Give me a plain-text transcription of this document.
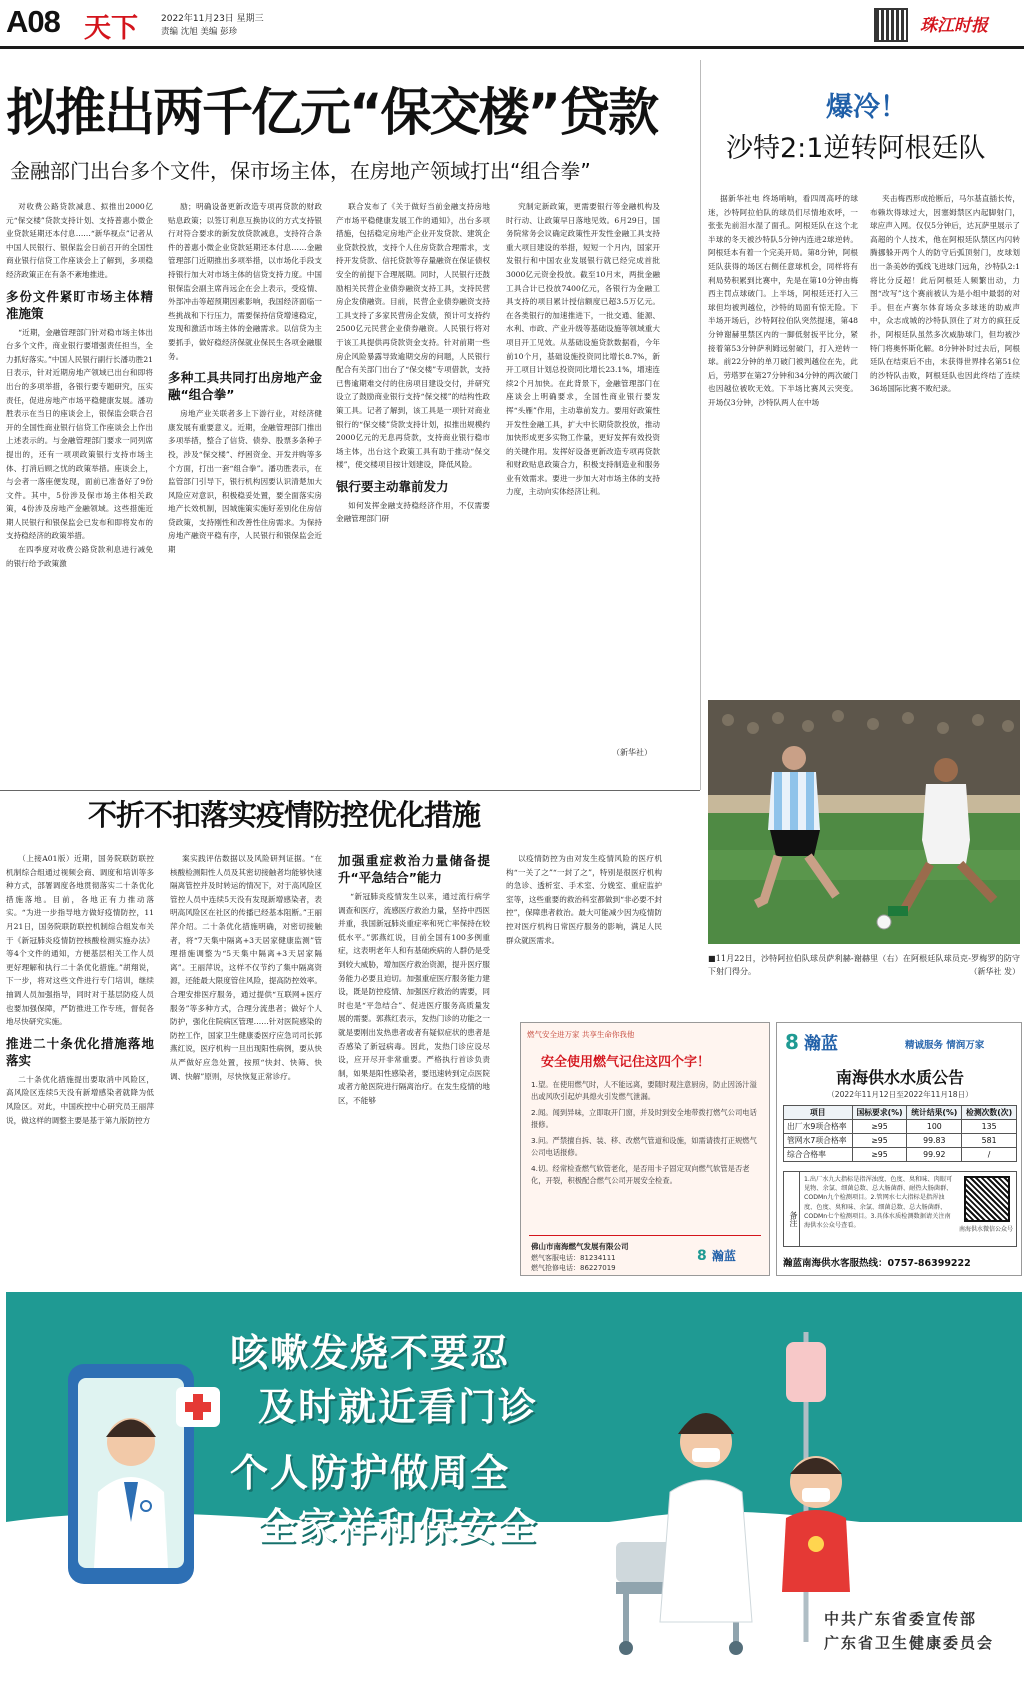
A08 天下	2022年11月23日 星期三
责编 沈旭 美编 彭珍	珠江时报
拟推出两千亿元“保交楼”贷款
金融部门出台多个文件，保市场主体，在房地产领域打出“组合拳”

对收费公路贷款减息、拟推出2000亿元“保交楼”贷款支持计划、支持普惠小微企业贷款延期还本付息……“新华视点”记者从中国人民银行、银保监会日前召开的全国性商业银行信贷工作座谈会上了解到，多项稳经济政策正在有条不紊地推进。

多份文件紧盯市场主体精准施策

“近期，金融管理部门针对稳市场主体出台多个文件，商业银行要增强责任担当，全力抓好落实。”中国人民银行副行长潘功胜21日表示，针对近期房地产领域已出台和即将出台的多项举措，各银行要专题研究，压实责任，促进房地产市场平稳健康发展。潘功胜表示在当日的座谈会上，银保监会联合召开的全国性商业银行信贷工作座谈会上作出上述表示的。与金融管理部门要求一同列席提出的，还有一项项政策银行支持市场主体、打消后顾之忧的政策举措。座谈会上，与会者一落座便发现，面前已准备好了9份文件。其中，5份涉及保市场主体相关政策，4份涉及房地产金融领域。这些措施近期人民银行和银保监会已发布和即将发布的支持稳经济的政策举措。

在四季度对收费公路贷款利息进行减免的银行给予政策激

励；明确设备更新改造专项再贷款的财政贴息政策；以签订利息互换协议的方式支持银行对符合要求的新发放贷款减息，支持符合条件的普惠小微企业贷款延期还本付息……金融管理部门近期推出多项举措，以市场化手段支持银行加大对市场主体的信贷支持力度。中国银保监会副主席肖远企在会上表示，受疫情、外部冲击等超预期因素影响，我国经济面临一些挑战和下行压力，需要保持信贷增速稳定，发现和激活市场主体的金融需求。以信贷为主要抓手，做好稳经济保就业保民生各项金融服务。

多种工具共同打出房地产金融“组合拳”

房地产业关联者多上下游行业，对经济健康发展有重要意义。近期，金融管理部门推出多项举措，整合了信贷、债券、股票多条种子投，涉及“保交楼”、纾困资金、开发并购等多个方面，打出一套“组合拳”。潘功胜表示，在监管部门引导下，银行机构因要认识清楚加大风险应对意识，积极稳妥处置，要全面落实房地产长效机制，因城施策实施好差别化住房信贷政策，支持刚性和改善性住房需求。为保持房地产融资平稳有序，人民银行和银保监会近期

联合发布了《关于做好当前金融支持房地产市场平稳健康发展工作的通知》，出台多项措施，包括稳定房地产企业开发贷款、建筑企业贷款投放，支持个人住房贷款合理需求，支持开发贷款、信托贷款等存量融资在保证债权安全的前提下合理展期。同时，人民银行还鼓励相关民营企业债券融资支持工具，支持民营房企发债融资。目前，民营企业债券融资支持工具支持了多家民营房企发债，预计可支持约2500亿元民营企业债券融资。人民银行将对于该工具提供再贷款资金支持。针对前期一些房企风险暴露导致逾期交房的问题，人民银行配合有关部门出台了“保交楼”专项借款，支持已售逾期难交付的住房项目建设交付，并研究设立了鼓励商业银行支持“保交楼”的结构性政策工具。记者了解到，该工具是一项针对商业银行的“保交楼”贷款支持计划，拟推出规模约2000亿元的无息再贷款，支持商业银行稳市场主体，出台这个政策工具有助于推动“保交楼”，使交楼项目按计划建设，降低风险。

银行要主动靠前发力

如何发挥金融支持稳经济作用，不仅需要金融管理部门研

究制定新政策，更需要银行等金融机构及时行动、让政策早日落地见效。6月29日，国务院常务会议确定政策性开发性金融工具支持重大项目建设的举措，短短一个月内，国家开发银行和中国农业发展银行就已经完成首批3000亿元资金投放。截至10月末，两批金融工具合计已投放7400亿元，各银行为金融工具支持的项目累计授信额度已超3.5万亿元。在各类银行的加速推进下，一批交通、能源、水利、市政、产业升级等基础设施等领域重大项目开工见效。从基础设施贷款数据看，今年前10个月，基础设施投资同比增长8.7%，新开工项目计划总投资同比增长23.1%，增速连续2个月加快。在此背景下，金融管理部门在座谈会上明确要求，全国性商业银行要发挥“头雁”作用，主动靠前发力。要用好政策性开发性金融工具，扩大中长期贷款投放，推动加快形成更多实物工作量，更好发挥有效投资的关键作用。发挥好设备更新改造专项再贷款和财政贴息政策合力，积极支持制造业和服务业有效需求。要进一步加大对市场主体的支持力度，主动向实体经济让利。

（新华社）
爆冷！
沙特2:1逆转阿根廷队

据新华社电 终场哨响，看四周高呼的球迷，沙特阿拉伯队的球员们尽情地欢呼，一张张先前泪水湿了面孔。阿根廷队在这个北半球的冬天被沙特队5分钟内连进2球逆转。阿根廷本有着一个完美开局。第8分钟，阿根廷队获得的场区右侧任意球机会，同样将有利局势积累到比赛中，先是在第10分钟由梅西主罚点球破门。上半场，阿根廷还打入三球但均被判越位，沙特的局面有惊无险。下半场开场后，沙特阿拉伯队突然提速，第48分钟谢赫里禁区内的一脚低射扳平比分，紧接着第53分钟萨利姆远射破门，打入逆转一球。前22分钟的单刀破门被判越位在先，此后，劳塔罗在第27分钟和34分钟的两次破门也因越位被吹无效。下半场比赛风云突变。开场仅3分钟，沙特队两人在中场

夹击梅西形成抢断后，马尔基直插长传，布赖坎得球过大，因塞姆禁区内起脚射门，球应声入网。仅仅5分钟后，达瓦萨里展示了高超的个人技术，他在阿根廷队禁区内闪转腾挪躲开两个人的防守后弧顶射门，皮球划出一条美妙的弧线飞进球门远角，沙特队2:1将比分反超！此后阿根廷人频繁出动，力图“改写”这个赛前被认为是小组中最弱的对手。但在卢赛尔体育场众多球迷的助威声中，众志成城的沙特队顶住了对方的疯狂反扑，阿根廷队虽然多次威胁球门，但均被沙特门将奥怀斯化解。8分钟补时过去后，阿根廷队在结束后不由，未获得世界排名第51位的沙特队击败，阿根廷队也因此终结了连续36场国际比赛不败纪录。

■11月22日，沙特阿拉伯队球员萨利赫-谢赫里（右）在阿根廷队球员克-罗梅罗的防守下射门得分。	（新华社 发）
不折不扣落实疫情防控优化措施

（上接A01版）近期，国务院联防联控机制综合组通过视频会商、调度和培训等多种方式，部署调度各地贯彻落实二十条优化措施落地。目前，各地正有力推动落实。“为进一步指导地方做好疫情防控，11月21日，国务院联防联控机制综合组发布关于《新冠肺炎疫情防控核酸检测实施办法》等4个文件的通知，方便基层相关工作人员更好理解和执行二十条优化措施。”胡翔说，下一步，将对这些文件进行专门培训，继续抽调人员加强指导，同时对于基层防疫人员也要加强保障，严防推进工作专班，督促各地尽快研究实施。

推进二十条优化措施落地落实

二十条优化措施提出要取消中风险区，高风险区连续5天没有新增感染者就降为低风险区。对此，中国疾控中心研究员王丽萍说，做这样的调整主要是基于第九版防控方

案实践评估数据以及风险研判证据。“在核酸检测阳性人员及其密切接触者均能够快速隔离管控并及时转运的情况下，对于高风险区管控人员中连续5天没有发现新增感染者，表明高风险区在社区的传播已经基本阻断。”王丽萍介绍。二十条优化措施明确，对密切接触者，将“7天集中隔离+3天居家健康监测”管理措施调整为“5天集中隔离+3天居家隔离”。王丽萍说，这样不仅节约了集中隔离资源，还能最大限度管住风险，提高防控效率。合理安排医疗服务，通过提供“互联网+医疗服务”等多种方式，合理分流患者；做好个人防护，强化住院病区管理……针对医院感染的防控工作，国家卫生健康委医疗应急司司长郭燕红说，医疗机构一旦出现阳性病例，要从快从严做好应急处置，按照“快封、快筛、快调、快解”原则，尽快恢复正常诊疗。

加强重症救治力量储备提升“平急结合”能力

“新冠肺炎疫情发生以来，通过流行病学调查和医疗，流感医疗救治力量，坚持中西医并重，我国新冠肺炎重症率和死亡率保持在较低水平。”郭燕红说，目前全国有100多例重症，这表明老年人和有基础疾病的人群仍是受到较大威胁，增加医疗救治资源，提升医疗服务能力必要且迫切。加强重症医疗服务能力建设，既是防控疫情、加强医疗救治的需要，同时也是“平急结合”、促进医疗服务高质量发展的需要。郭燕红表示，发热门诊的功能之一就是要刚出发热患者或者有疑似症状的患者是否感染了新冠病毒。因此，发热门诊应设尽设，应开尽开非常重要。严格执行首诊负责制，如果是阳性感染者，要迅速转到定点医院或者方舱医院进行隔离治疗。在发生疫情的地区，不能够

以疫情防控为由对发生疫情风险的医疗机构“一关了之”“一封了之”，特别是很医疗机构的急诊、透析室、手术室、分娩室、重症监护室等，这些重要的救治科室都做到“非必要不封控”，保障患者救治。最大可能减少因为疫情防控对医疗机构日常医疗服务的影响，满足人民群众就医需求。

燃气安全进万家 共享生命你我他
安全使用燃气记住这四个字！

1.望。在使用燃气时，人不能远离，要随时观注意厨房，防止因汤汁溢出或风吹引起炉具熄火引发燃气泄漏。

2.闻。闻到异味，立即取开门窗，并及时到安全地带拨打燃气公司电话报修。

3.问。严禁擅自拆、装、移、改燃气管道和设施，如需请拨打正规燃气公司电话报修。

4.切。经常检查燃气软管老化，是否用卡子固定双向燃气软管是否老化，开裂，积极配合燃气公司开展安全检查。

佛山市南海燃气发展有限公司
燃气客服电话：81234111
燃气抢修电话：86227019
8 瀚蓝
8 瀚蓝	精诚服务 情润万家
南海供水水质公告
（2022年11月12日至2022年11月18日）
项目	国标要求(%)	统计结果(%)	检测次数(次)
出厂水9项合格率	≥95	100	135
管网水7项合格率	≥95	99.83	581
综合合格率	≥95	99.92	/
备注
1.出厂水九大指标是指浑浊度、色度、臭和味、肉眼可见物、余氯、细菌总数、总大肠菌群、耐热大肠菌群、CODMn九个检测项目。2.管网水七大指标是指浑浊度、色度、臭和味、余氯、细菌总数、总大肠菌群、CODMn七个检测项目。3.具体水质检测数据请关注南海供水公众号查看。
南海供水微信公众号
瀚蓝南海供水客服热线：0757-86399222
咳嗽发烧不要忍
及时就近看门诊
个人防护做周全
全家祥和保安全
中共广东省委宣传部
广东省卫生健康委员会
